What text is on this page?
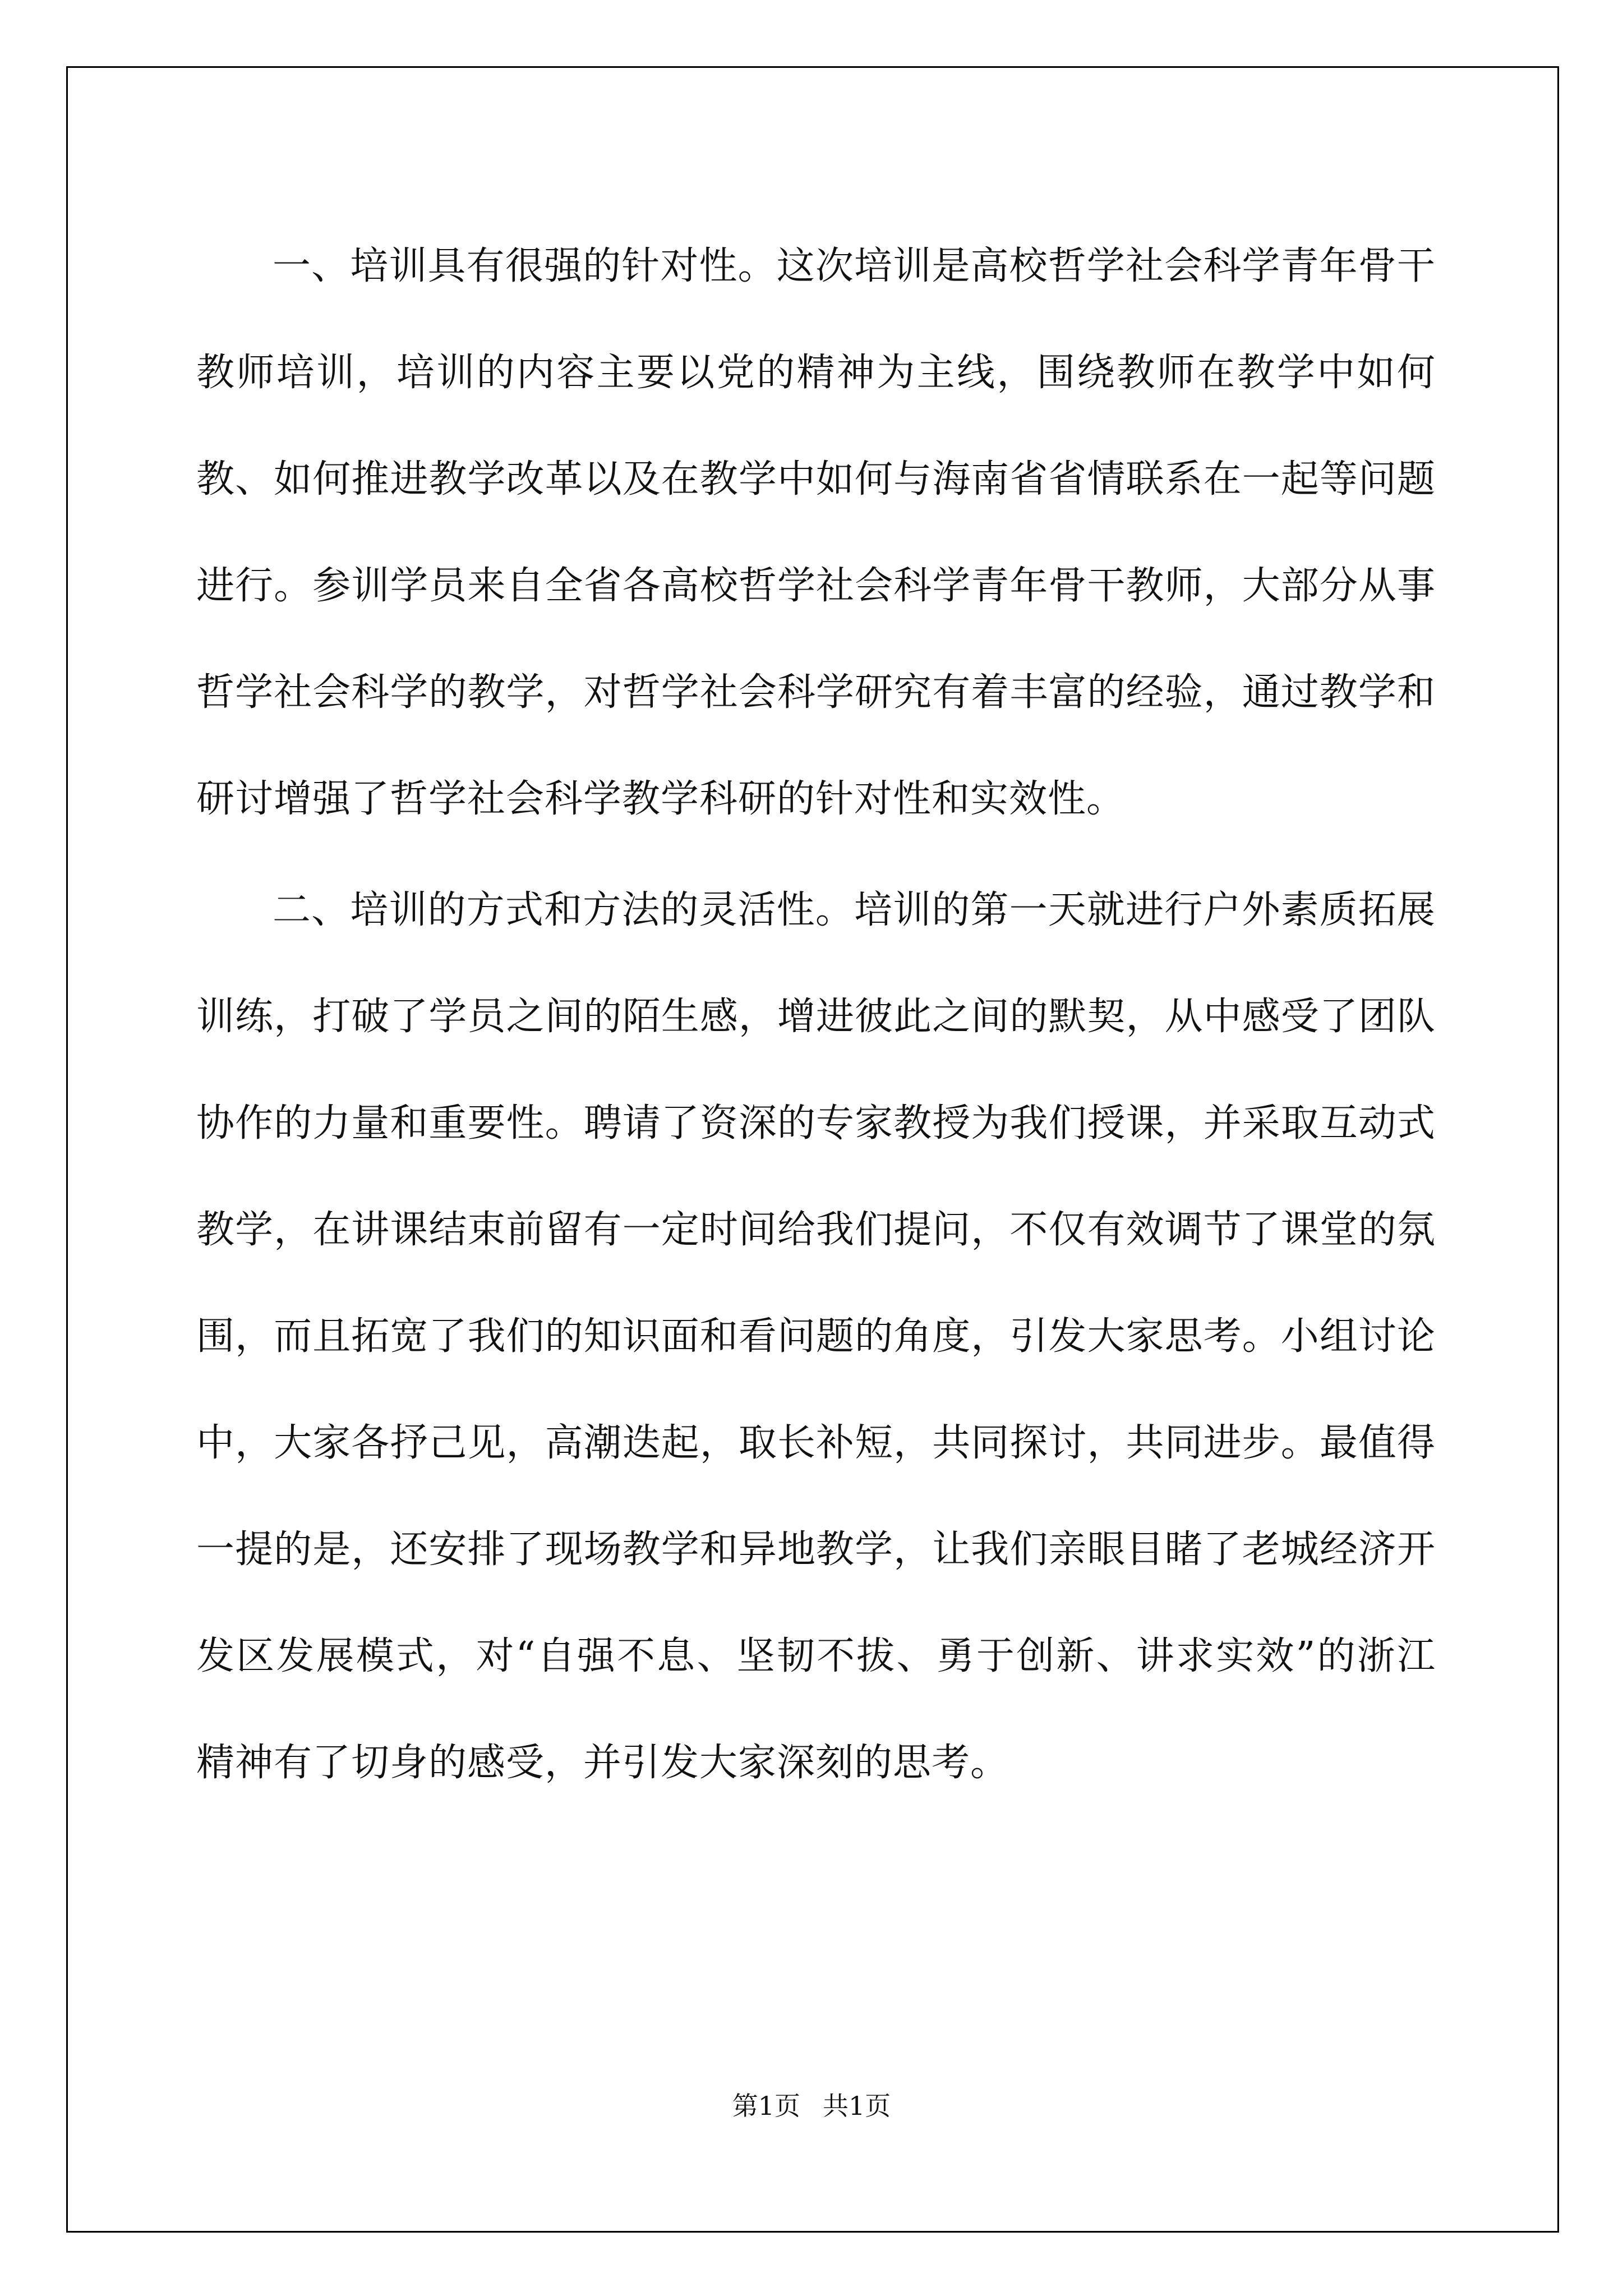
一、培训具有很强的针对性。这次培训是高校哲学社会科学青年骨干教师培训，培训的内容主要以党的精神为主线，围绕教师在教学中如何教、如何推进教学改革以及在教学中如何与海南省省情联系在一起等问题进行。参训学员来自全省各高校哲学社会科学青年骨干教师，大部分从事哲学社会科学的教学，对哲学社会科学研究有着丰富的经验，通过教学和研讨增强了哲学社会科学教学科研的针对性和实效性。

二、培训的方式和方法的灵活性。培训的第一天就进行户外素质拓展训练，打破了学员之间的陌生感，增进彼此之间的默契，从中感受了团队协作的力量和重要性。聘请了资深的专家教授为我们授课，并采取互动式教学，在讲课结束前留有一定时间给我们提问，不仅有效调节了课堂的氛围，而且拓宽了我们的知识面和看问题的角度，引发大家思考。小组讨论中，大家各抒己见，高潮迭起，取长补短，共同探讨，共同进步。最值得一提的是，还安排了现场教学和异地教学，让我们亲眼目睹了老城经济开发区发展模式，对“自强不息、坚韧不拔、勇于创新、讲求实效”的浙江精神有了切身的感受，并引发大家深刻的思考。

第1页 共1页
